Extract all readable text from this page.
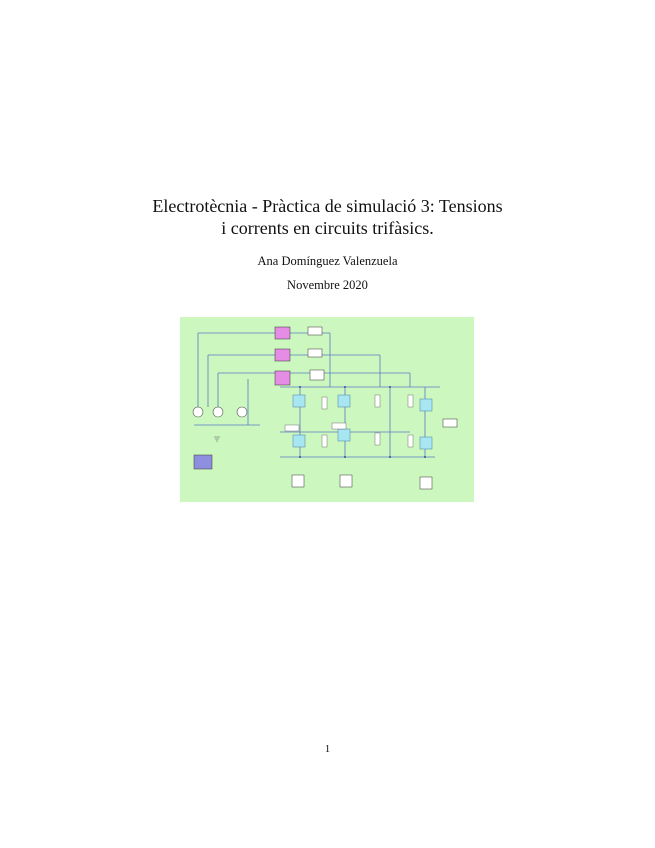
Electrotècnia - Pràctica de simulació 3: Tensions
i corrents en circuits trifàsics.
Ana Domínguez Valenzuela
Novembre 2020
1
